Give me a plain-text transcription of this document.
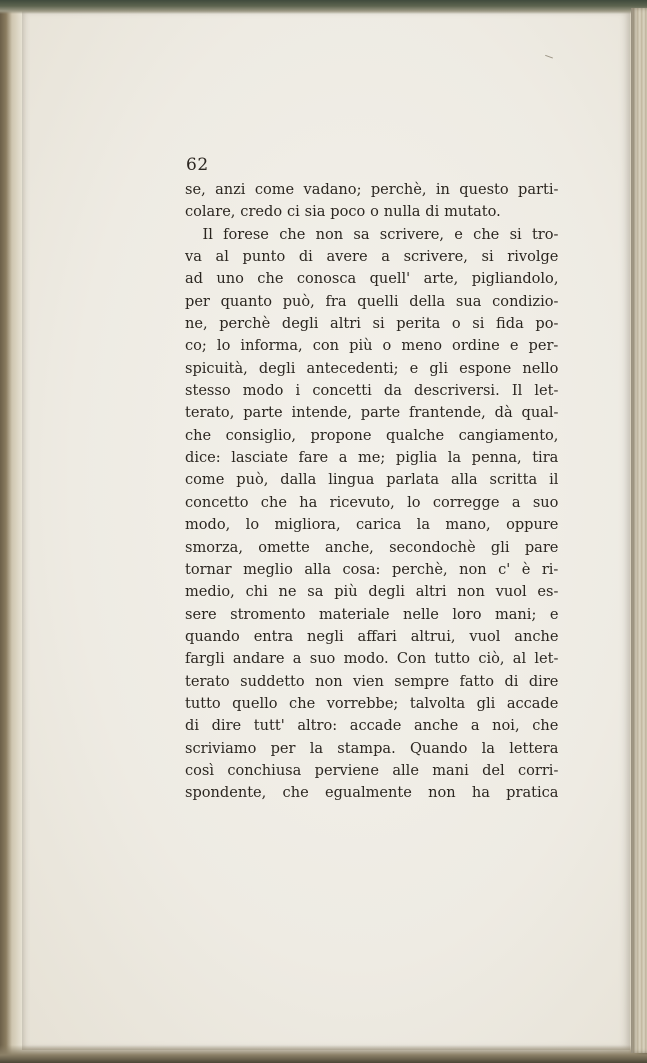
62
se, anzi come vadano; perchè, in questo parti-
colare, credo ci sia poco o nulla di mutato.
Il forese che non sa scrivere, e che si tro-
va al punto di avere a scrivere, si rivolge
ad uno che conosca quell' arte, pigliandolo,
per quanto può, fra quelli della sua condizio-
ne, perchè degli altri si perita o si fida po-
co; lo informa, con più o meno ordine e per-
spicuità, degli antecedenti; e gli espone nello
stesso modo i concetti da descriversi. Il let-
terato, parte intende, parte frantende, dà qual-
che consiglio, propone qualche cangiamento,
dice: lasciate fare a me; piglia la penna, tira
come può, dalla lingua parlata alla scritta il
concetto che ha ricevuto, lo corregge a suo
modo, lo migliora, carica la mano, oppure
smorza, omette anche, secondochè gli pare
tornar meglio alla cosa: perchè, non c' è ri-
medio, chi ne sa più degli altri non vuol es-
sere stromento materiale nelle loro mani; e
quando entra negli affari altrui, vuol anche
fargli andare a suo modo. Con tutto ciò, al let-
terato suddetto non vien sempre fatto di dire
tutto quello che vorrebbe; talvolta gli accade
di dire tutt' altro: accade anche a noi, che
scriviamo per la stampa. Quando la lettera
così conchiusa perviene alle mani del corri-
spondente, che egualmente non ha pratica
